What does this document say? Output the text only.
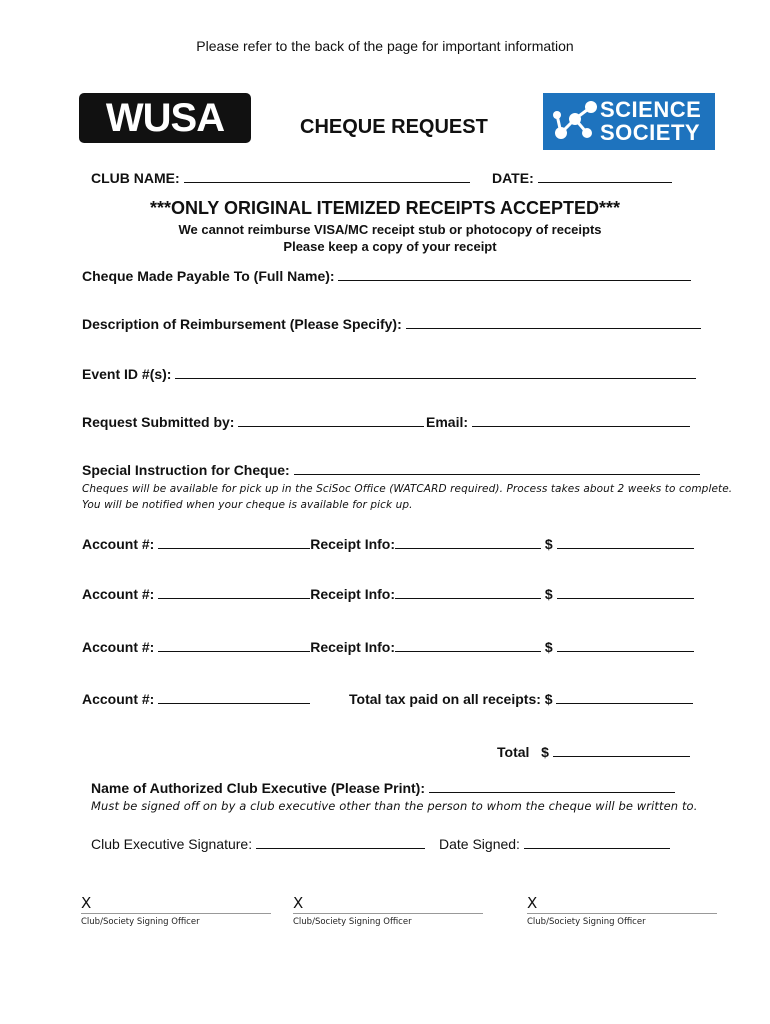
Please refer to the back of the page for important information
WUSA	CHEQUE REQUEST
SCIENCE
SOCIETY
CLUB NAME:	DATE:
***ONLY ORIGINAL ITEMIZED RECEIPTS ACCEPTED***
We cannot reimburse VISA/MC receipt stub or photocopy of receipts
Please keep a copy of your receipt
Cheque Made Payable To (Full Name):
Description of Reimbursement (Please Specify):
Event ID #(s):
Request Submitted by:	Email:
Special Instruction for Cheque:
Cheques will be available for pick up in the SciSoc Office (WATCARD required). Process takes about 2 weeks to complete.
You will be notified when your cheque is available for pick up.
Account #:	Receipt Info:	$
Account #:	Receipt Info:	$
Account #:	Receipt Info:	$
Account #:	Total tax paid on all receipts: $
Total $
Name of Authorized Club Executive (Please Print):
Must be signed off on by a club executive other than the person to whom the cheque will be written to.
Club Executive Signature:	Date Signed:
X
Club/Society Signing Officer
X
Club/Society Signing Officer
X
Club/Society Signing Officer
